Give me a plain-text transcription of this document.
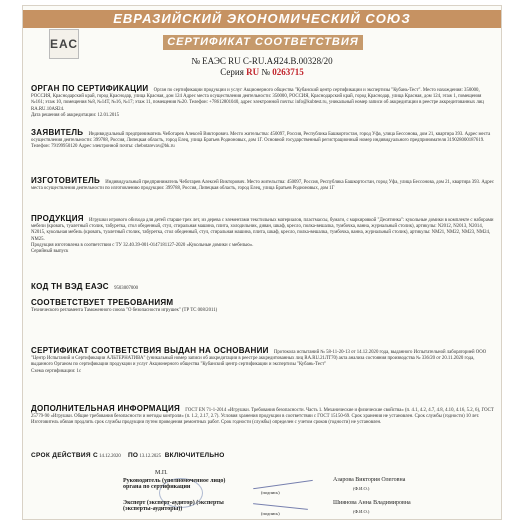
ЕВРАЗИЙСКИЙ ЭКОНОМИЧЕСКИЙ СОЮЗ
ЕАС	СЕРТИФИКАТ СООТВЕТСТВИЯ
№ ЕАЭС RU C-RU.АЯ24.В.00328/20
Серия RU № 0263715
ОРГАН ПО СЕРТИФИКАЦИИ Орган по сертификации продукции и услуг Акционерного общества "Кубанский центр сертификации и экспертизы "Кубань-Тест". Место нахождения: 350000, РОССИЯ, Краснодарский край, город Краснодар, улица Красная, дом 124 Адрес места осуществления деятельности: 350000, РОССИЯ, Краснодарский край, город Краснодар, улица Красная, дом 124, этаж 1, помещения №161; этаж 10, помещения №8, №14Т, №16, №17; этаж 11, помещения №20. Телефон: +78612801040, адрес электронной почты: info@kubtest.ru, уникальный номер записи об аккредитации в реестре аккредитованных лиц RA.RU.10АЯ24.
Дата решения об аккредитации: 12.01.2015
ЗАЯВИТЕЛЬ Индивидуальный предприниматель Чеботарев Алексей Викторович. Место жительства: 450097, Россия, Республика Башкортостан, город Уфа, улица Бессонова, дом 21, квартира 393. Адрес места осуществления деятельности: 399788, Россия, Липецкая область, город Елец, улица Братьев Родионовых, дом 1Г. Основной государственный регистрационный номер индивидуального предпринимателя 319028000187619. Телефон: 79199950120 Адрес электронной почты: chebotarevav@bk.ru
ИЗГОТОВИТЕЛЬ Индивидуальный предприниматель Чеботарев Алексей Викторович. Место жительства: 450097, Россия, Республика Башкортостан, город Уфа, улица Бессонова, дом 21, квартира 393. Адрес места осуществления деятельности по изготовлению продукции: 399788, Россия, Липецкая область, город Елец, улица Братьев Родионовых, дом 1Г
ПРОДУКЦИЯ Игрушки игрового обихода для детей старше трех лет, из дерева с элементами текстильных материалов, пластмассы, бумаги, с маркировкой "Десятинка": кукольные домики в комплекте с наборами мебели (кровать, туалетный столик, табуретка, стол обеденный, стул, стиральная машина, плита, холодильник, диван, шкаф, кресло, полка-вешалка, тумбочка, ванна, журнальный столик), артикулы: N2012, N2013, N2014, N2015, кукольная мебель (кровать, туалетный столик, табуретка, стол обеденный, стул, стиральная машина, плита, шкаф, кресло, полка-вешалка, тумбочка, ванна, журнальный столик), артикулы: NM21, NM22, NM23, NM24, NM25.
Продукция изготовлена в соответствии с ТУ 32.40.39-001-0147181127-2020 «Кукольные домики с мебелью».
Серийный выпуск
КОД ТН ВЭД ЕАЭС 9503007000
СООТВЕТСТВУЕТ ТРЕБОВАНИЯМ
Технического регламента Таможенного союза "О безопасности игрушек" (ТР ТС 008/2011)
СЕРТИФИКАТ СООТВЕТСТВИЯ ВЫДАН НА ОСНОВАНИИ Протокола испытаний № 58-11-20-13 от 14.12.2020 года, выданного Испытательной лабораторией ООО "Центр Испытаний и Сертификации АЛЬТЕРНАТИВА" (уникальный номер записи об аккредитации в реестре аккредитованных лиц RA.RU.21ЛТ70) акта анализа состояния производства № 336/20 от 20.11.2020 года, выданного Органом по сертификации продукции и услуг Акционерного общества "Кубанский центр сертификации и экспертизы "Кубань-Тест"
Схема сертификации: 1с
ДОПОЛНИТЕЛЬНАЯ ИНФОРМАЦИЯ ГОСТ EN 71-1-2014 «Игрушки. Требования безопасности. Часть 1. Механические и физические свойства» (п. 4.1, 4.2, 4.7, 4.8, 4.10, 4.16, 5.2, 6), ГОСТ 25779-90 «Игрушки. Общие требования безопасности и методы контроля» (п. 1.2, 2.17, 2.7). Условия хранения продукции в соответствии с ГОСТ 15150-69. Срок хранения не установлен. Срок службы (годности) 10 лет. Изготовитель обязан продлить срок службы продукции путем проведения ремонтных работ. Срок годности (службы) определен с учетом сроков (годности) не установлен.
СРОК ДЕЙСТВИЯ С 14.12.2020 ПО 13.12.2025 ВКЛЮЧИТЕЛЬНО
М.П.
Руководитель (уполномоченное лицо) органа по сертификации
(подпись)
Азарова Виктория Олеговна
(Ф.И.О.)
Эксперт (эксперт-аудитор) (эксперты (эксперты-аудиторы))
(подпись)
Шиянова Анна Владимировна
(Ф.И.О.)
